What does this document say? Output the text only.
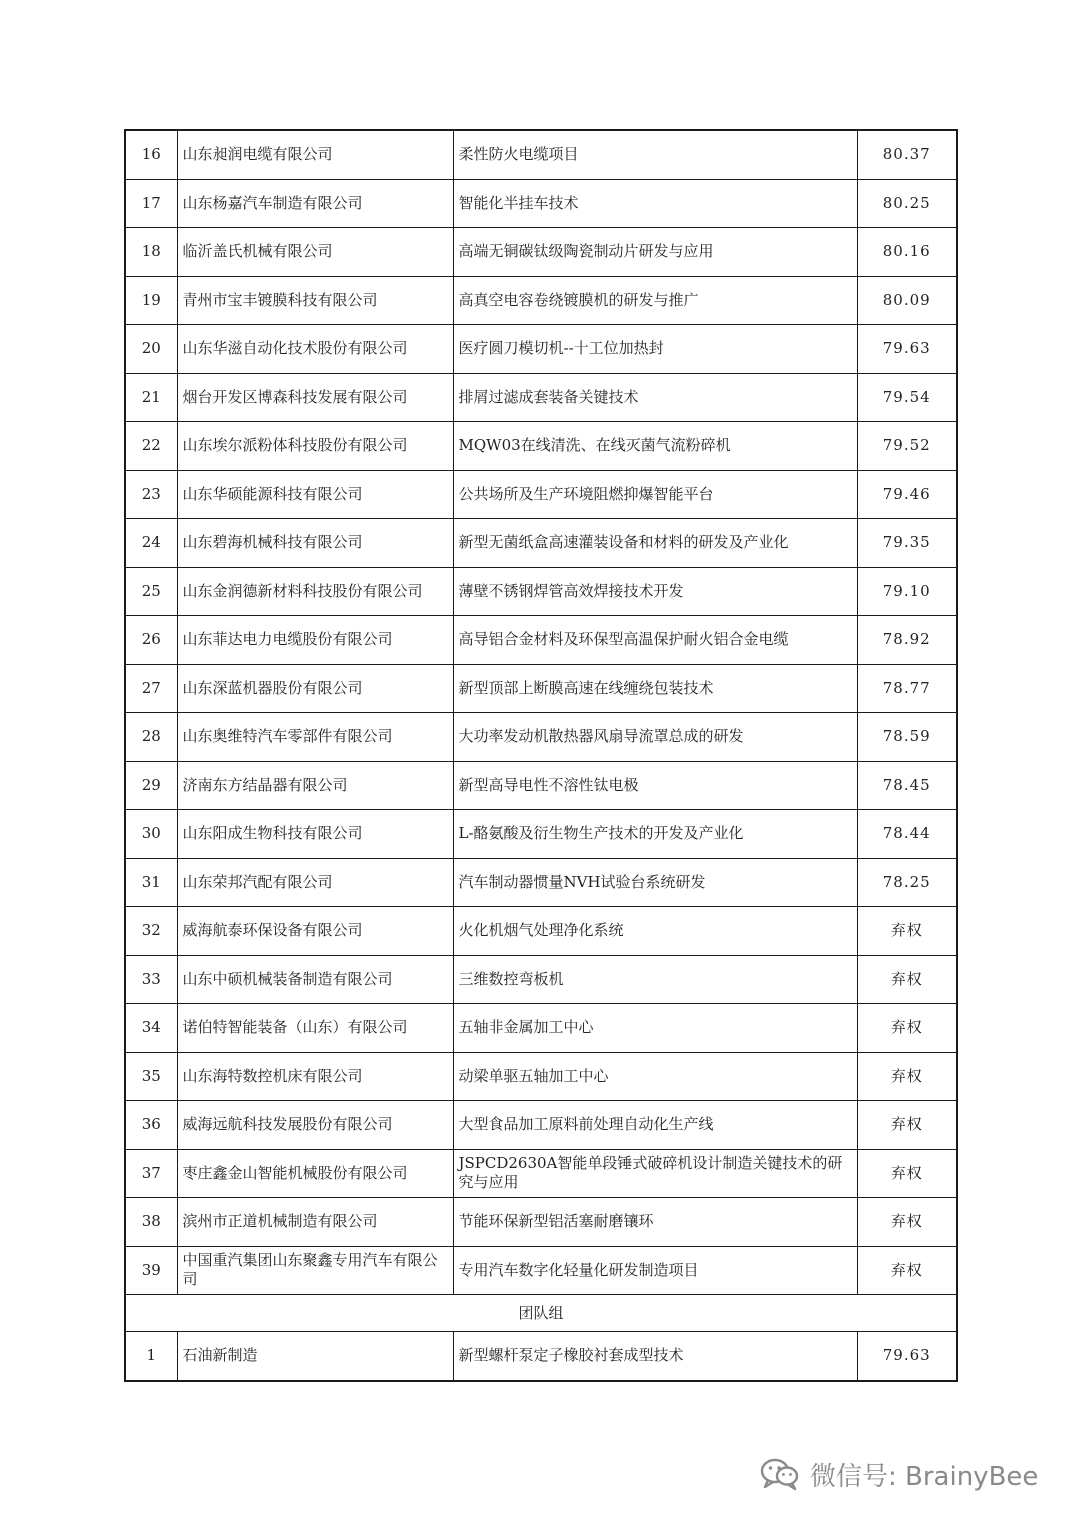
16	山东昶润电缆有限公司	柔性防火电缆项目	80.37
17	山东杨嘉汽车制造有限公司	智能化半挂车技术	80.25
18	临沂盖氏机械有限公司	高端无铜碳钛级陶瓷制动片研发与应用	80.16
19	青州市宝丰镀膜科技有限公司	高真空电容卷绕镀膜机的研发与推广	80.09
20	山东华滋自动化技术股份有限公司	医疗圆刀模切机--十工位加热封	79.63
21	烟台开发区博森科技发展有限公司	排屑过滤成套装备关键技术	79.54
22	山东埃尔派粉体科技股份有限公司	MQW03在线清洗、在线灭菌气流粉碎机	79.52
23	山东华硕能源科技有限公司	公共场所及生产环境阻燃抑爆智能平台	79.46
24	山东碧海机械科技有限公司	新型无菌纸盒高速灌装设备和材料的研发及产业化	79.35
25	山东金润德新材料科技股份有限公司	薄壁不锈钢焊管高效焊接技术开发	79.10
26	山东菲达电力电缆股份有限公司	高导铝合金材料及环保型高温保护耐火铝合金电缆	78.92
27	山东深蓝机器股份有限公司	新型顶部上断膜高速在线缠绕包装技术	78.77
28	山东奥维特汽车零部件有限公司	大功率发动机散热器风扇导流罩总成的研发	78.59
29	济南东方结晶器有限公司	新型高导电性不溶性钛电极	78.45
30	山东阳成生物科技有限公司	L-酪氨酸及衍生物生产技术的开发及产业化	78.44
31	山东荣邦汽配有限公司	汽车制动器惯量NVH试验台系统研发	78.25
32	威海航泰环保设备有限公司	火化机烟气处理净化系统	弃权
33	山东中硕机械装备制造有限公司	三维数控弯板机	弃权
34	诺伯特智能装备（山东）有限公司	五轴非金属加工中心	弃权
35	山东海特数控机床有限公司	动梁单驱五轴加工中心	弃权
36	威海远航科技发展股份有限公司	大型食品加工原料前处理自动化生产线	弃权
37	枣庄鑫金山智能机械股份有限公司	JSPCD2630A智能单段锤式破碎机设计制造关键技术的研究与应用	弃权
38	滨州市正道机械制造有限公司	节能环保新型铝活塞耐磨镶环	弃权
39	中国重汽集团山东聚鑫专用汽车有限公司	专用汽车数字化轻量化研发制造项目	弃权
团队组			
1	石油新制造	新型螺杆泵定子橡胶衬套成型技术	79.63
微信号: BrainyBee
